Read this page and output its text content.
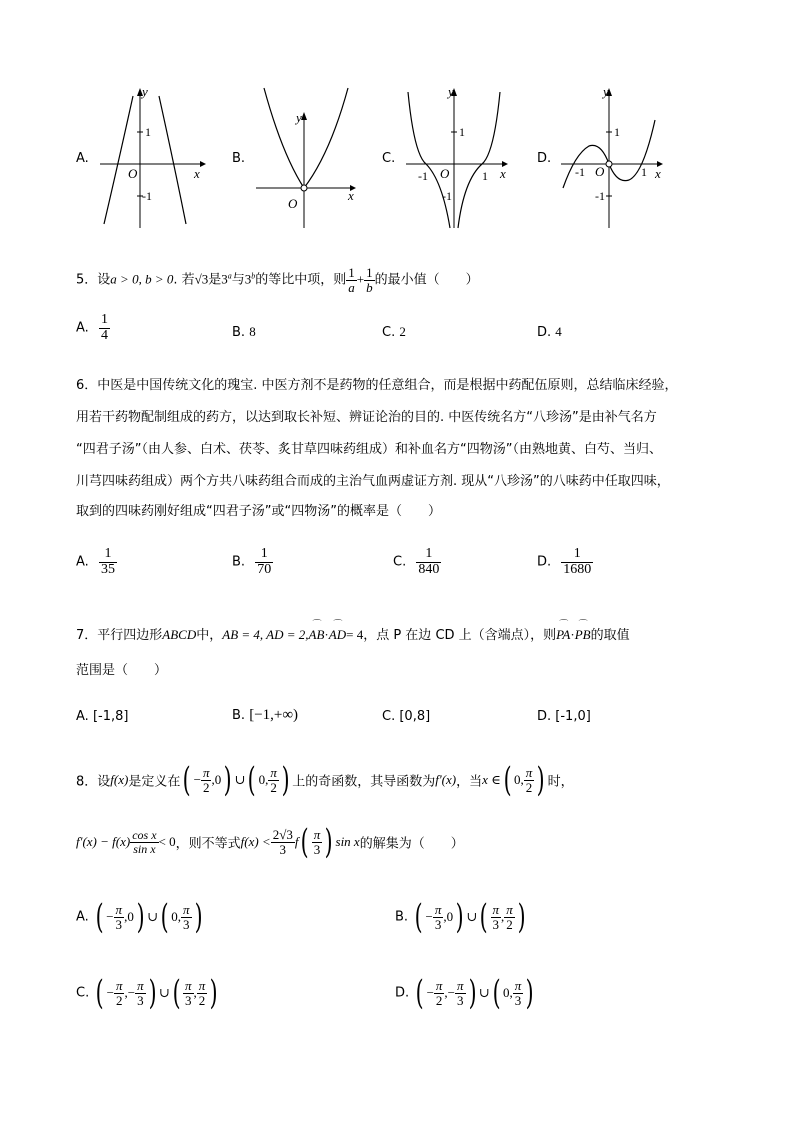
A.
y
1
O	x
-1
B.
y
O
x
C.
y
1
O
-1	1 x
-1
D.
y
1
O
-1	1 x
-1
5．设a > 0, b > 0. 若√3是3$^a$与3$^b$的等比中项，则 $\frac{1}{a} + \frac{1}{b}$ 的最小值（　　）
A. $\frac{1}{4}$	B. 8	C. 2	D. 4
6．中医是中国传统文化的瑰宝. 中医方剂不是药物的任意组合，而是根据中药配伍原则，总结临床经验，
用若干药物配制组成的药方，以达到取长补短、辨证论治的目的. 中医传统名方“八珍汤”是由补气名方
“四君子汤”（由人参、白术、茯苓、炙甘草四味药组成）和补血名方“四物汤”（由熟地黄、白芍、当归、
川芎四味药组成）两个方共八味药组合而成的主治气血两虚证方剂. 现从“八珍汤”的八味药中任取四味，
取到的四味药刚好组成“四君子汤”或“四物汤”的概率是（　　）
A. $\frac{1}{35}$	B. $\frac{1}{70}$	C. $\frac{1}{840}$	D. $\frac{1}{1680}$
7．平行四边形ABCD中，AB = 4, AD = 2,⌒ AB·⌒ AD= 4，点 P 在边 CD 上（含端点），则⌒ PA·⌒ PB的取值
范围是（　　）
A. [-1,8]	B. [−1,+∞)	C. [0,8]	D. [-1,0]
8．设f(x)是定义在( − $\frac{\pi}{2} ,0$) ∪( 0, $\frac{\pi}{2}$ ) 上的奇函数，其导函数为f′(x)，当x ∈( 0, $\frac{\pi}{2}$ ) 时，
$f'(x) - f(x) \frac{\text{cos x}}{\text{sin x}} < 0$，则不等式$f(x) < \frac{2√3}{3} f( \frac{\pi}{3}$ ) sin x的解集为（　　）
A. ( − $\frac{\pi}{3} ,0$) ∪( 0, $\frac{\pi}{3}$ )	B. ( − $\frac{\pi}{3} ,0$) ∪( $\frac{\pi}{3}$ , $\frac{\pi}{2}$ )
C. ( − $\frac{\pi}{2}$ ,− $\frac{\pi}{3}$ ) ∪( $\frac{\pi}{3}$ , $\frac{\pi}{2}$ )	D. ( − $\frac{\pi}{2}$ ,− $\frac{\pi}{3}$ ) ∪( 0, $\frac{\pi}{3}$ )
